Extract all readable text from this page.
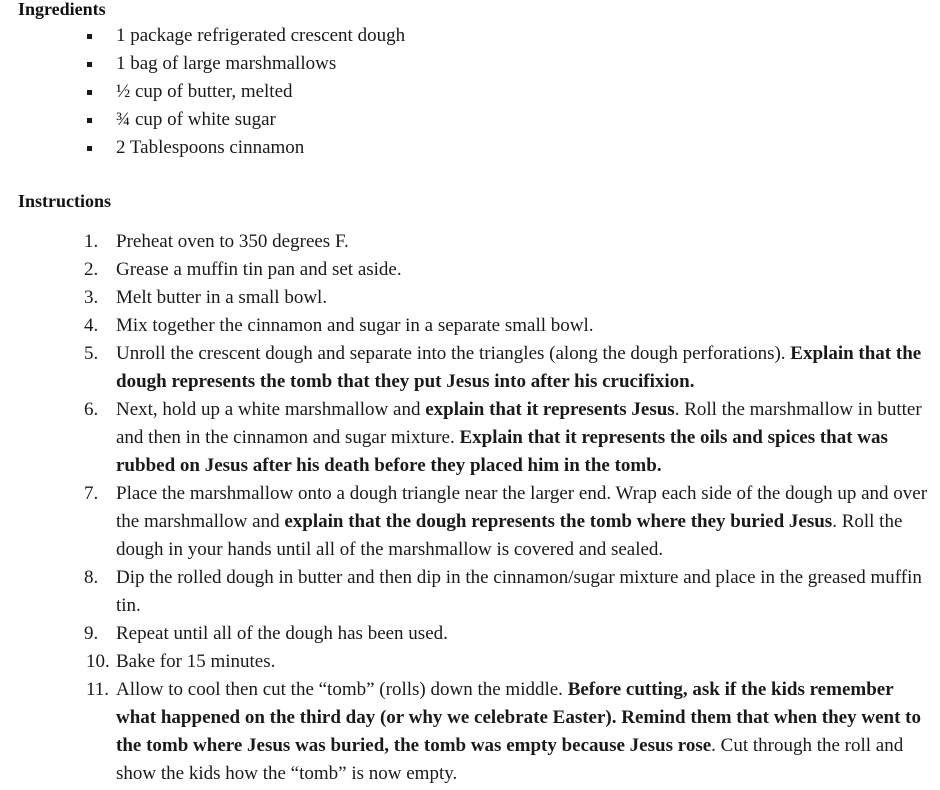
Ingredients
1 package refrigerated crescent dough
1 bag of large marshmallows
½ cup of butter, melted
¾ cup of white sugar
2 Tablespoons cinnamon
Instructions
1. Preheat oven to 350 degrees F.
2. Grease a muffin tin pan and set aside.
3. Melt butter in a small bowl.
4. Mix together the cinnamon and sugar in a separate small bowl.
5. Unroll the crescent dough and separate into the triangles (along the dough perforations). Explain that the dough represents the tomb that they put Jesus into after his crucifixion.
6. Next, hold up a white marshmallow and explain that it represents Jesus. Roll the marshmallow in butter and then in the cinnamon and sugar mixture. Explain that it represents the oils and spices that was rubbed on Jesus after his death before they placed him in the tomb.
7. Place the marshmallow onto a dough triangle near the larger end. Wrap each side of the dough up and over the marshmallow and explain that the dough represents the tomb where they buried Jesus. Roll the dough in your hands until all of the marshmallow is covered and sealed.
8. Dip the rolled dough in butter and then dip in the cinnamon/sugar mixture and place in the greased muffin tin.
9. Repeat until all of the dough has been used.
10. Bake for 15 minutes.
11. Allow to cool then cut the “tomb” (rolls) down the middle. Before cutting, ask if the kids remember what happened on the third day (or why we celebrate Easter). Remind them that when they went to the tomb where Jesus was buried, the tomb was empty because Jesus rose. Cut through the roll and show the kids how the “tomb” is now empty.
